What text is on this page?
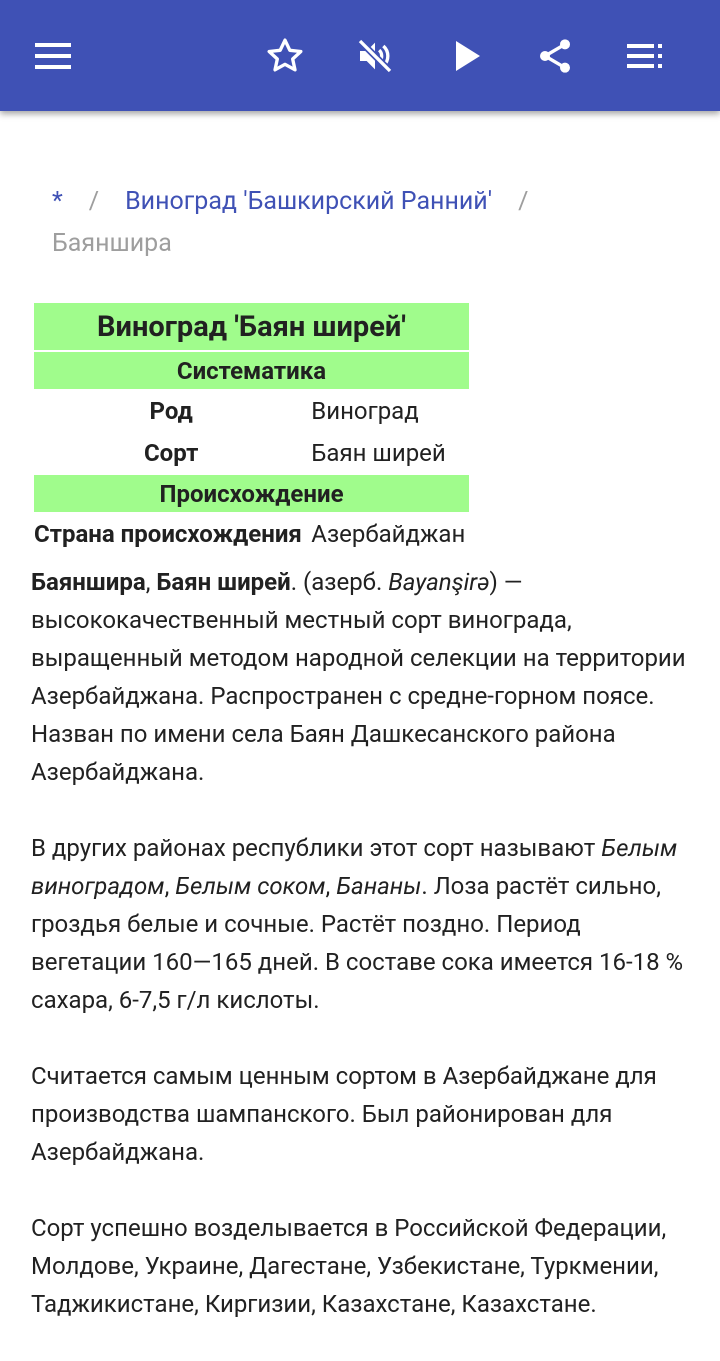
* / Виноград 'Башкирский Ранний' /
Баяншира
Виноград 'Баян ширей'	
Систематика	
Род	Виноград
Сорт	Баян ширей
Происхождение	
Страна происхождения	Азербайджан

Баяншира, Баян ширей. (азерб. Bayanşirə) — высококачественный местный сорт винограда, выращенный методом народной селекции на территории Азербайджана. Распространен с средне-горном поясе. Назван по имени села Баян Дашкесанского района Азербайджана.

В других районах республики этот сорт называют Белым виноградом, Белым соком, Бананы. Лоза растёт сильно, гроздья белые и сочные. Растёт поздно. Период вегетации 160—165 дней. В составе сока имеется 16-18 % сахара, 6-7,5 г/л кислоты.

Считается самым ценным сортом в Азербайджане для производства шампанского. Был районирован для Азербайджана.

Сорт успешно возделывается в Российской Федерации, Молдове, Украине, Дагестане, Узбекистане, Туркмении, Таджикистане, Киргизии, Казахстане, Казахстане.
